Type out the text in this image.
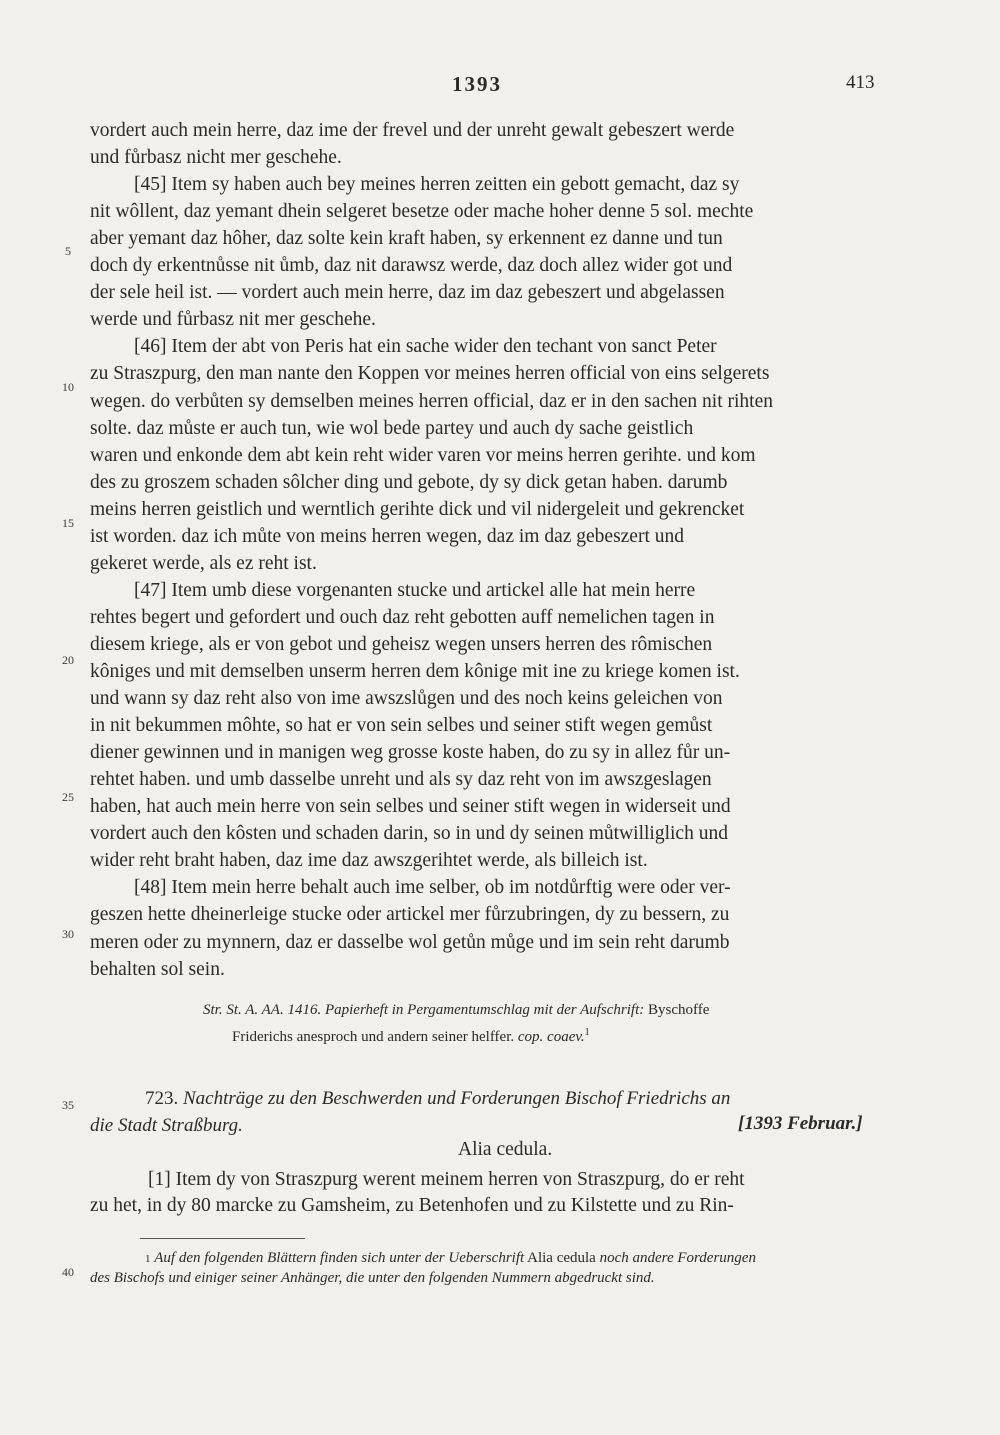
1393	413
vordert auch mein herre, daz ime der frevel und der unreht gewalt gebeszert werde
und fůrbasz nicht mer geschehe.
[45] Item sy haben auch bey meines herren zeitten ein gebott gemacht, daz sy
nit wôllent, daz yemant dhein selgeret besetze oder mache hoher denne 5 sol. mechte
aber yemant daz hôher, daz solte kein kraft haben, sy erkennent ez danne und tun
doch dy erkentnůsse nit ůmb, daz nit darawsz werde, daz doch allez wider got und
der sele heil ist. — vordert auch mein herre, daz im daz gebeszert und abgelassen
werde und fůrbasz nit mer geschehe.
[46] Item der abt von Peris hat ein sache wider den techant von sanct Peter
zu Straszpurg, den man nante den Koppen vor meines herren official von eins selgerets
wegen. do verbůten sy demselben meines herren official, daz er in den sachen nit rihten
solte. daz můste er auch tun, wie wol bede partey und auch dy sache geistlich
waren und enkonde dem abt kein reht wider varen vor meins herren gerihte. und kom
des zu groszem schaden sôlcher ding und gebote, dy sy dick getan haben. darumb
meins herren geistlich und werntlich gerihte dick und vil nidergeleit und gekrencket
ist worden. daz ich můte von meins herren wegen, daz im daz gebeszert und
gekeret werde, als ez reht ist.
[47] Item umb diese vorgenanten stucke und artickel alle hat mein herre
rehtes begert und gefordert und ouch daz reht gebotten auff nemelichen tagen in
diesem kriege, als er von gebot und geheisz wegen unsers herren des rômischen
kôniges und mit demselben unserm herren dem kônige mit ine zu kriege komen ist.
und wann sy daz reht also von ime awszslůgen und des noch keins geleichen von
in nit bekummen môhte, so hat er von sein selbes und seiner stift wegen gemůst
diener gewinnen und in manigen weg grosse koste haben, do zu sy in allez fůr un-
rehtet haben. und umb dasselbe unreht und als sy daz reht von im awszgeslagen
haben, hat auch mein herre von sein selbes und seiner stift wegen in widerseit und
vordert auch den kôsten und schaden darin, so in und dy seinen můtwilliglich und
wider reht braht haben, daz ime daz awszgerihtet werde, als billeich ist.
[48] Item mein herre behalt auch ime selber, ob im notdůrftig were oder ver-
geszen hette dheinerleige stucke oder artickel mer fůrzubringen, dy zu bessern, zu
meren oder zu mynnern, daz er dasselbe wol getůn můge und im sein reht darumb
behalten sol sein.
5
10
15
20
25
30
35
40
Str. St. A. AA. 1416. Papierheft in Pergamentumschlag mit der Aufschrift: Byschoffe
Friderichs anesproch und andern seiner helffer. cop. coaev.$^1$
723. Nachträge zu den Beschwerden und Forderungen Bischof Friedrichs an
die Stadt Straßburg.	[1393 Februar.]
Alia cedula.
[1] Item dy von Straszpurg werent meinem herren von Straszpurg, do er reht
zu het, in dy 80 marcke zu Gamsheim, zu Betenhofen und zu Kilstette und zu Rin-
1 Auf den folgenden Blättern finden sich unter der Ueberschrift Alia cedula noch andere Forderungen
des Bischofs und einiger seiner Anhänger, die unter den folgenden Nummern abgedruckt sind.
